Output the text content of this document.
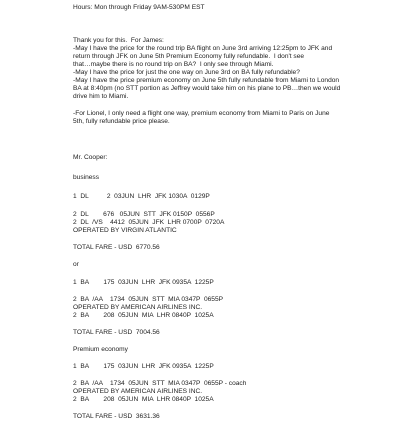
Hours: Mon through Friday 9AM-530PM EST
Thank you for this.  For James:
-May I have the price for the round trip BA flight on June 3rd arriving 12:25pm to JFK and
return through JFK on June 5th Premium Economy fully refundable.  I don't see
that…maybe there is no round trip on BA?  I only see through Miami.
-May I have the price for just the one way on June 3rd on BA fully refundable?
-May I have the price premium economy on June 5th fully refundable from Miami to London
BA at 8:40pm (no STT portion as Jeffrey would take him on his plane to PB…then we would
drive him to Miami.
-For Lionel, I only need a flight one way, premium economy from Miami to Paris on June
5th, fully refundable price please.
Mr. Cooper:
business
1  DL          2  03JUN  LHR  JFK 1030A  0129P
2  DL        676   05JUN  STT  JFK 0150P  0556P
2  DL  /VS    4412  05JUN  JFK  LHR 0700P  0720A
OPERATED BY VIRGIN ATLANTIC
TOTAL FARE - USD  6770.56
or
1  BA        175  03JUN  LHR  JFK 0935A  1225P
2  BA  /AA    1734  05JUN  STT  MIA 0347P  0655P
OPERATED BY AMERICAN AIRLINES INC.
2  BA        208  05JUN  MIA  LHR 0840P  1025A
TOTAL FARE - USD  7004.56
Premium economy
1  BA        175  03JUN  LHR  JFK 0935A  1225P
2  BA  /AA    1734  05JUN  STT  MIA 0347P  0655P - coach
OPERATED BY AMERICAN AIRLINES INC.
2  BA        208  05JUN  MIA  LHR 0840P  1025A
TOTAL FARE - USD  3631.36
